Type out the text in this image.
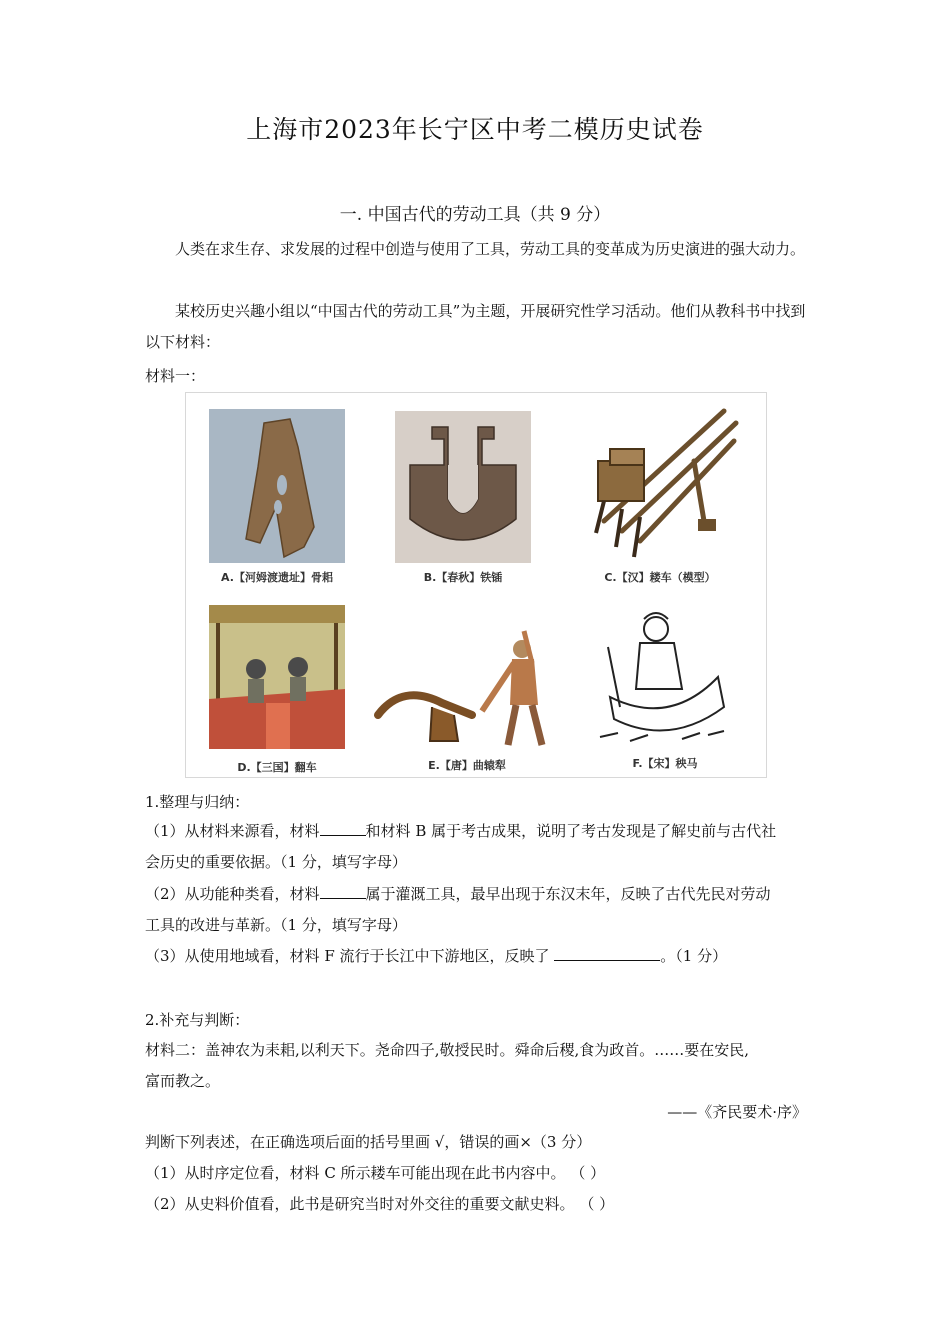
上海市2023年长宁区中考二模历史试卷
一. 中国古代的劳动工具（共 9 分）

人类在求生存、求发展的过程中创造与使用了工具，劳动工具的变革成为历史演进的强大动力。

某校历史兴趣小组以“中国古代的劳动工具”为主题，开展研究性学习活动。他们从教科书中找到以下材料：

材料一：

A.【河姆渡遗址】骨耜	B.【春秋】铁锸	C.【汉】耧车（模型）
D.【三国】翻车	E.【唐】曲辕犁	F.【宋】秧马

1.整理与归纳：

（1）从材料来源看，材料	和材料 B 属于考古成果，说明了考古发现是了解史前与古代社

会历史的重要依据。（1 分，填写字母）

（2）从功能种类看，材料	属于灌溉工具，最早出现于东汉末年，反映了古代先民对劳动

工具的改进与革新。（1 分，填写字母）

（3）从使用地域看，材料 F 流行于长江中下游地区，反映了	。（1 分）

2.补充与判断：

材料二：盖神农为耒耜,以利天下。尧命四子,敬授民时。舜命后稷,食为政首。……要在安民,

富而教之。

——《齐民要术·序》

判断下列表述，在正确选项后面的括号里画 √，错误的画×（3 分）

（1）从时序定位看，材料 C 所示耧车可能出现在此书内容中。 （ ）

（2）从史料价值看，此书是研究当时对外交往的重要文献史料。 （ ）
